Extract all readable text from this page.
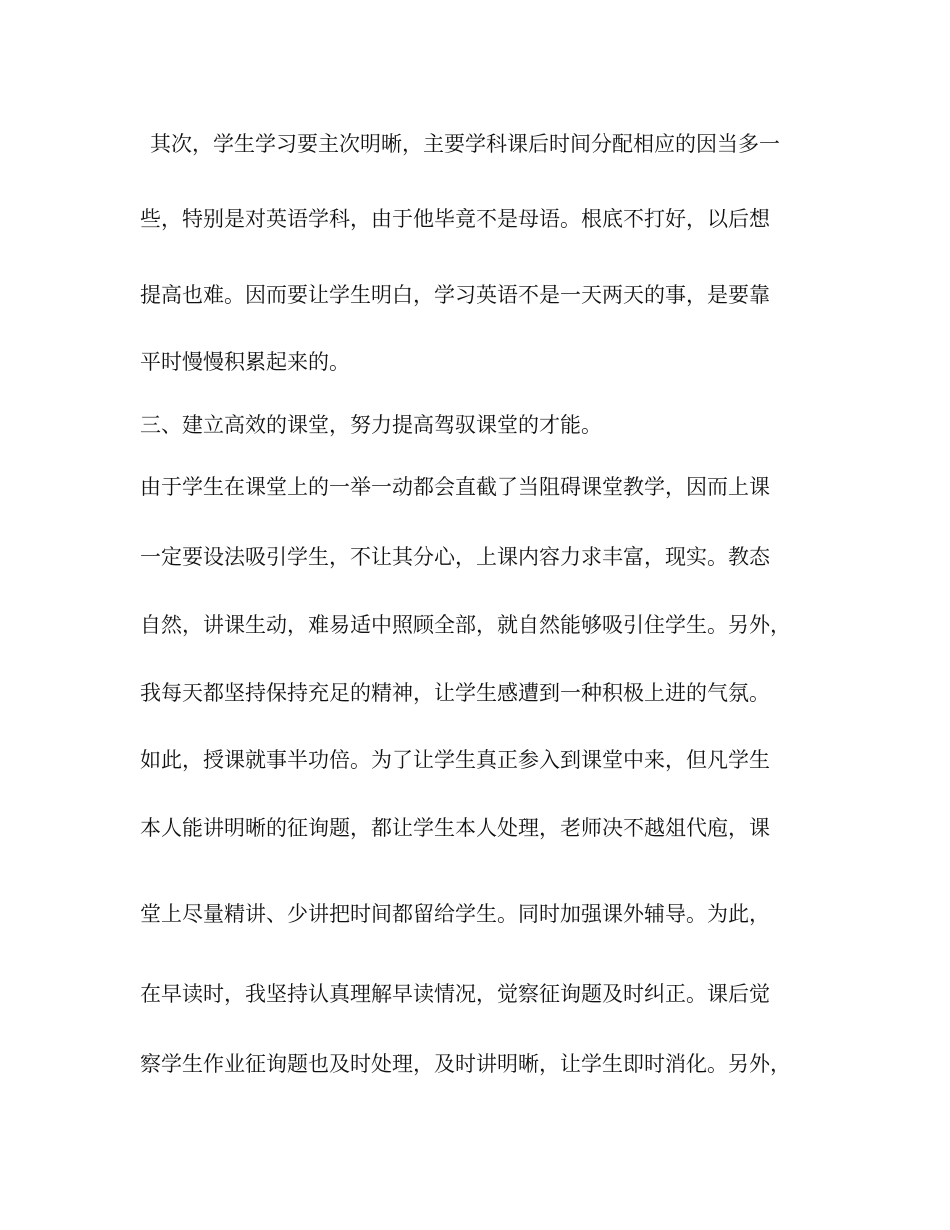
其次，学生学习要主次明晰，主要学科课后时间分配相应的因当多一

些，特别是对英语学科，由于他毕竟不是母语。根底不打好，以后想

提高也难。因而要让学生明白，学习英语不是一天两天的事，是要靠

平时慢慢积累起来的。

三、建立高效的课堂，努力提高驾驭课堂的才能。

由于学生在课堂上的一举一动都会直截了当阻碍课堂教学，因而上课

一定要设法吸引学生，不让其分心，上课内容力求丰富，现实。教态

自然，讲课生动，难易适中照顾全部，就自然能够吸引住学生。另外，

我每天都坚持保持充足的精神，让学生感遭到一种积极上进的气氛。

如此，授课就事半功倍。为了让学生真正参入到课堂中来，但凡学生

本人能讲明晰的征询题，都让学生本人处理，老师决不越俎代庖，课

堂上尽量精讲、少讲把时间都留给学生。同时加强课外辅导。为此，

在早读时，我坚持认真理解早读情况，觉察征询题及时纠正。课后觉

察学生作业征询题也及时处理，及时讲明晰，让学生即时消化。另外，
